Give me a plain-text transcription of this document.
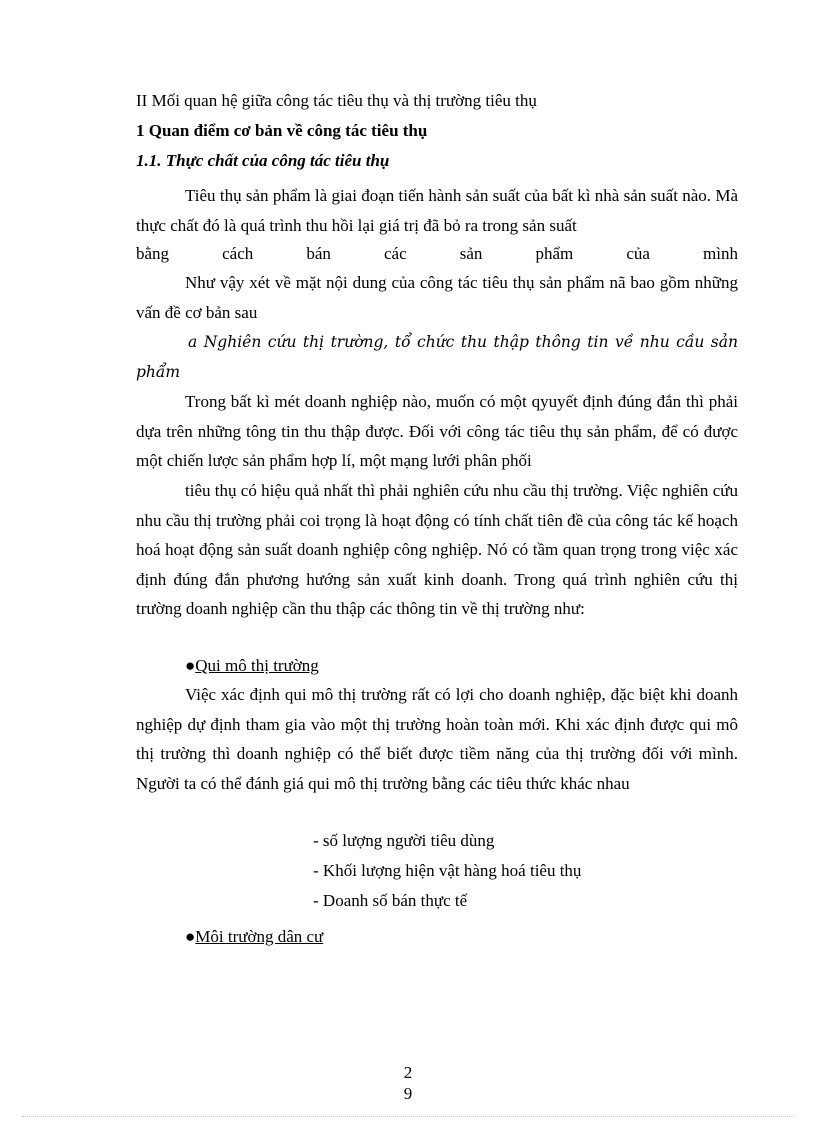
II Mối quan hệ giữa công tác tiêu thụ và thị trường tiêu thụ

1 Quan điểm cơ bản về công tác tiêu thụ

1.1. Thực chất của công tác tiêu thụ

Tiêu thụ sản phẩm là giai đoạn tiến hành sản suất của bất kì nhà sản suất nào. Mà thực chất đó là quá trình thu hồi lại giá trị đã bỏ ra trong sản suất

bằng cách bán các sản phẩm của mình

Như vậy xét về mặt nội dung của công tác tiêu thụ sản phẩm nã bao gồm những vấn đề cơ bản sau

a Nghiên cứu thị trường, tổ chức thu thập thông tin về nhu cầu sản phẩm

Trong bất kì mét doanh nghiệp nào, muốn có một qyuyết định đúng đắn thì phải dựa trên những tông tin thu thập được. Đối với công tác tiêu thụ sản phẩm, để có được một chiến lược sản phẩm hợp lí, một mạng lưới phân phối

tiêu thụ có hiệu quả nhất thì phải nghiên cứu nhu cầu thị trường. Việc nghiên cứu nhu cầu thị trường phải coi trọng là hoạt động có tính chất tiên đề của công tác kế hoạch hoá hoạt động sản suất doanh nghiệp công nghiệp. Nó có tầm quan trọng trong việc xác định đúng đắn phương hướng sản xuất kinh doanh. Trong quá trình nghiên cứu thị trường doanh nghiệp cần thu thập các thông tin về thị trường như:

●Qui mô thị trường

Việc xác định qui mô thị trường rất có lợi cho doanh nghiệp, đặc biệt khi doanh nghiệp dự định tham gia vào một thị trường hoàn toàn mới. Khi xác định được qui mô thị trường thì doanh nghiệp có thể biết được tiềm năng của thị trường đối với mình. Người ta có thể đánh giá qui mô thị trường bằng các tiêu thức khác nhau

- số lượng người tiêu dùng

- Khối lượng hiện vật hàng hoá tiêu thụ

- Doanh số bán thực tế

●Môi trường dân cư

2

9
